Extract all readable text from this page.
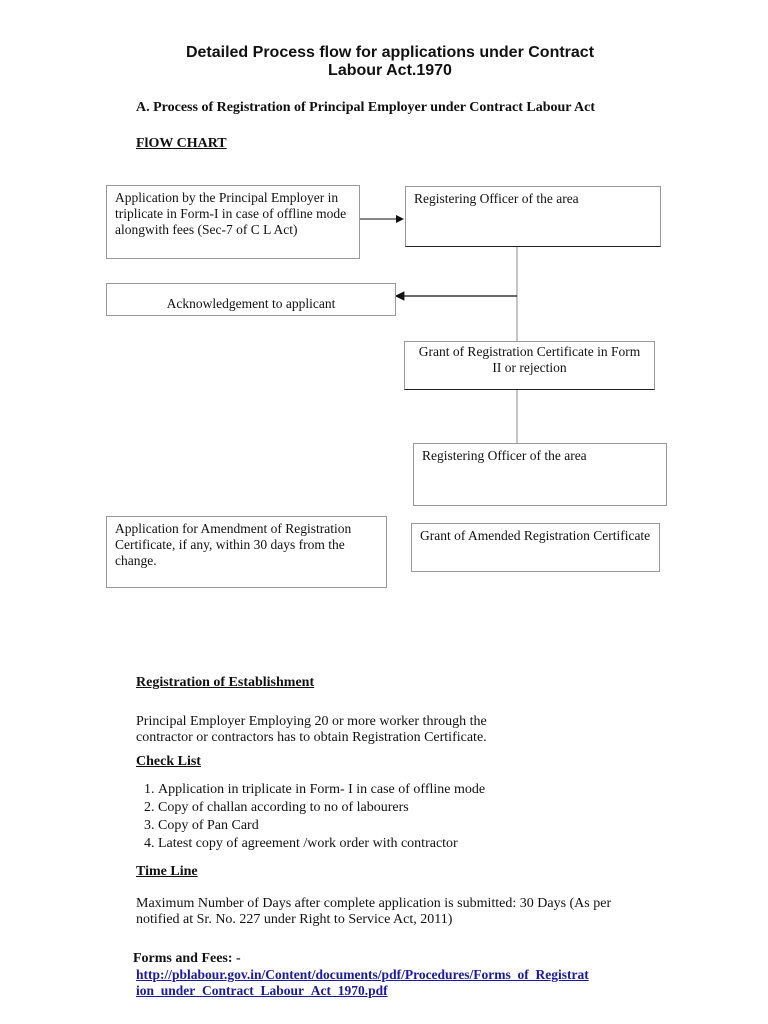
Detailed Process flow for applications under Contract
Labour Act.1970
A. Process of Registration of Principal Employer under Contract Labour Act
FlOW CHART
Application by the Principal Employer in triplicate in Form-I in case of offline mode alongwith fees (Sec-7 of C L Act)
Registering Officer of the area
Acknowledgement to applicant
Grant of Registration Certificate in Form II or rejection
Registering Officer of the area
Application for Amendment of Registration Certificate, if any, within 30 days from the change.
Grant of Amended Registration Certificate
Registration of Establishment
Principal Employer Employing 20 or more worker through the contractor or contractors has to obtain Registration Certificate.
Check List
1. Application in triplicate in Form- I in case of offline mode
2. Copy of challan according to no of labourers
3. Copy of Pan Card
4. Latest copy of agreement /work order with contractor
Time Line
Maximum Number of Days after complete application is submitted: 30 Days (As per notified at Sr. No. 227 under Right to Service Act, 2011)
Forms and Fees: -
http://pblabour.gov.in/Content/documents/pdf/Procedures/Forms_of_Registrat
ion_under_Contract_Labour_Act_1970.pdf
